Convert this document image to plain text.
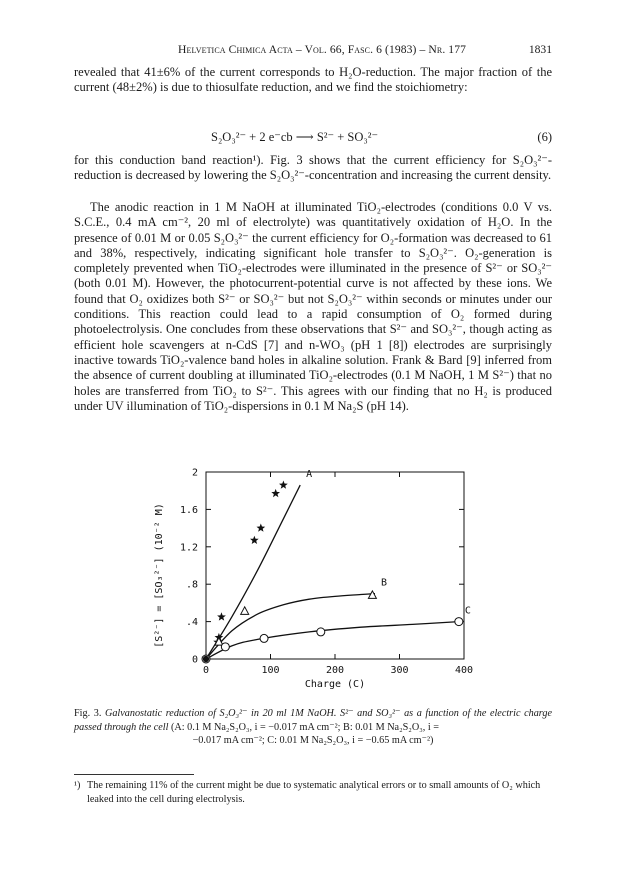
Helvetica Chimica Acta – Vol. 66, Fasc. 6 (1983) – Nr. 177	1831
revealed that 41±6% of the current corresponds to H₂O-reduction. The major fraction of the current (48±2%) is due to thiosulfate reduction, and we find the stoichiometry:
S₂O₃²⁻ + 2 e⁻cb ⟶ S²⁻ + SO₃²⁻	(6)
for this conduction band reaction¹). Fig. 3 shows that the current efficiency for S₂O₃²⁻-reduction is decreased by lowering the S₂O₃²⁻-concentration and increasing the current density.
The anodic reaction in 1 M NaOH at illuminated TiO₂-electrodes (conditions 0.0 V vs. S.C.E., 0.4 mA cm⁻², 20 ml of electrolyte) was quantitatively oxidation of H₂O. In the presence of 0.01 M or 0.05 S₂O₃²⁻ the current efficiency for O₂-formation was decreased to 61 and 38%, respectively, indicating significant hole transfer to S₂O₃²⁻. O₂-generation is completely prevented when TiO₂-electrodes were illuminated in the presence of S²⁻ or SO₃²⁻ (both 0.01 M). However, the photocurrent-potential curve is not affected by these ions. We found that O₂ oxidizes both S²⁻ or SO₃²⁻ but not S₂O₃²⁻ within seconds or minutes under our conditions. This reaction could lead to a rapid consumption of O₂ formed during photoelectrolysis. One concludes from these observations that S²⁻ and SO₃²⁻, though acting as efficient hole scavengers at n-CdS [7] and n-WO₃ (pH 1 [8]) electrodes are surprisingly inactive towards TiO₂-valence band holes in alkaline solution. Frank & Bard [9] inferred from the absence of current doubling at illuminated TiO₂-electrodes (0.1 M NaOH, 1 M S²⁻) that no holes are transferred from TiO₂ to S²⁻. This agrees with our finding that no H₂ is produced under UV illumination of TiO₂-dispersions in 0.1 M Na₂S (pH 14).
0	100	200	300	400
0
.4
.8
1.2
1.6
2
Charge (C)
[S²⁻] = [SO₃²⁻] (10⁻² M)
A
B
C
Fig. 3. Galvanostatic reduction of S₂O₃²⁻ in 20 ml 1M NaOH. S²⁻ and SO₃²⁻ as a function of the electric charge passed through the cell (A: 0.1 M Na₂S₂O₃, i = −0.017 mA cm⁻²; B: 0.01 M Na₂S₂O₃, i =
−0.017 mA cm⁻²; C: 0.01 M Na₂S₂O₃, i = −0.65 mA cm⁻²)
¹) The remaining 11% of the current might be due to systematic analytical errors or to small amounts of O₂ which leaked into the cell during electrolysis.
